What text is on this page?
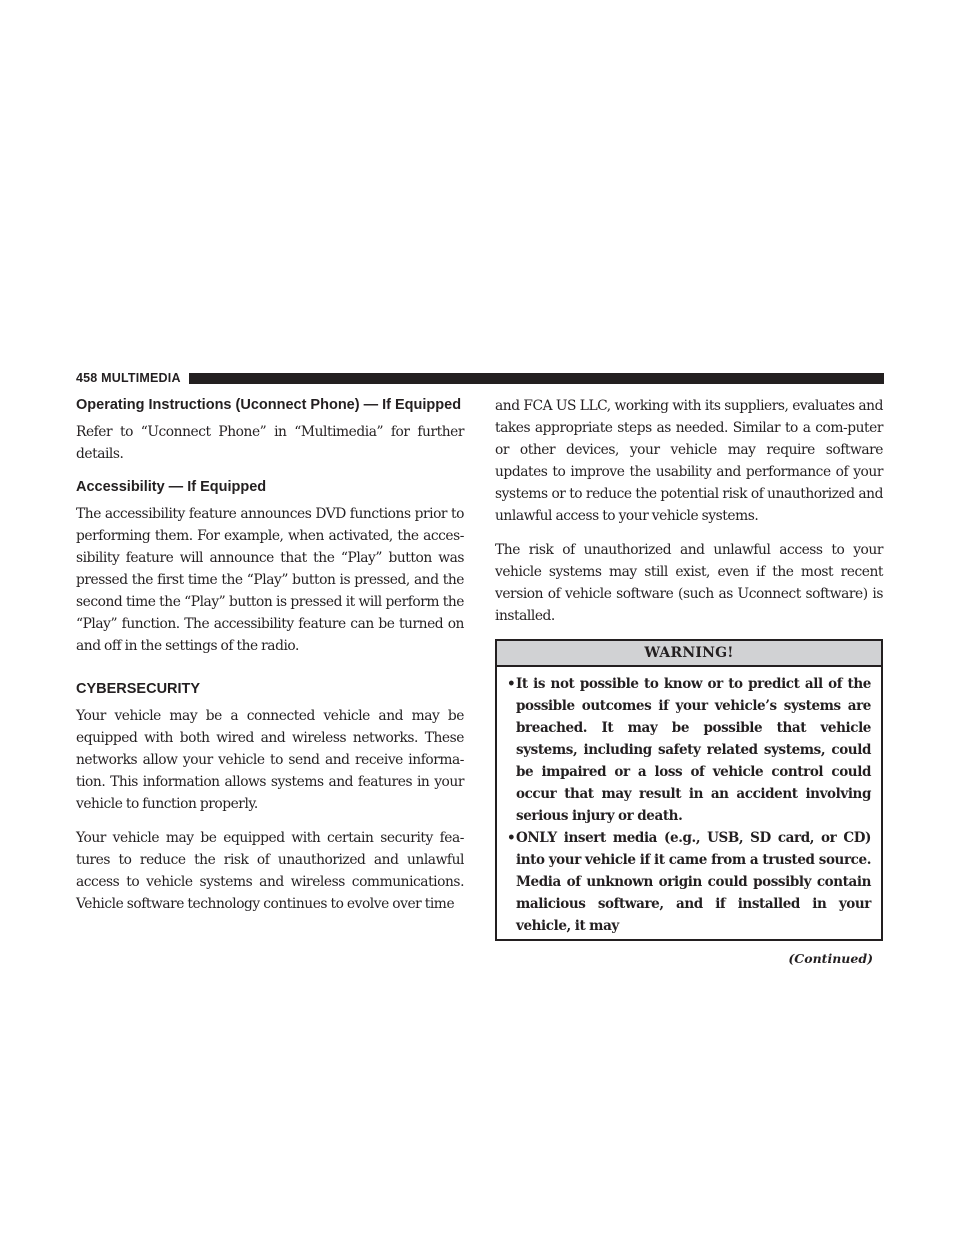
458 MULTIMEDIA
Operating Instructions (Uconnect Phone) — If Equipped

Refer to “Uconnect Phone” in “Multimedia” for further details.

Accessibility — If Equipped

The accessibility feature announces DVD functions prior to performing them. For example, when activated, the acces-sibility feature will announce that the “Play” button was pressed the first time the “Play” button is pressed, and the second time the “Play” button is pressed it will perform the “Play” function. The accessibility feature can be turned on and off in the settings of the radio.

CYBERSECURITY

Your vehicle may be a connected vehicle and may be equipped with both wired and wireless networks. These networks allow your vehicle to send and receive informa-tion. This information allows systems and features in your vehicle to function properly.

Your vehicle may be equipped with certain security fea-tures to reduce the risk of unauthorized and unlawful access to vehicle systems and wireless communications. Vehicle software technology continues to evolve over time

and FCA US LLC, working with its suppliers, evaluates and takes appropriate steps as needed. Similar to a com-puter or other devices, your vehicle may require software updates to improve the usability and performance of your systems or to reduce the potential risk of unauthorized and unlawful access to your vehicle systems.

The risk of unauthorized and unlawful access to your vehicle systems may still exist, even if the most recent version of vehicle software (such as Uconnect software) is installed.

WARNING!
• It is not possible to know or to predict all of the possible outcomes if your vehicle’s systems are breached. It may be possible that vehicle systems, including safety related systems, could be impaired or a loss of vehicle control could occur that may result in an accident involving serious injury or death.
• ONLY insert media (e.g., USB, SD card, or CD) into your vehicle if it came from a trusted source. Media of unknown origin could possibly contain malicious software, and if installed in your vehicle, it may
(Continued)
